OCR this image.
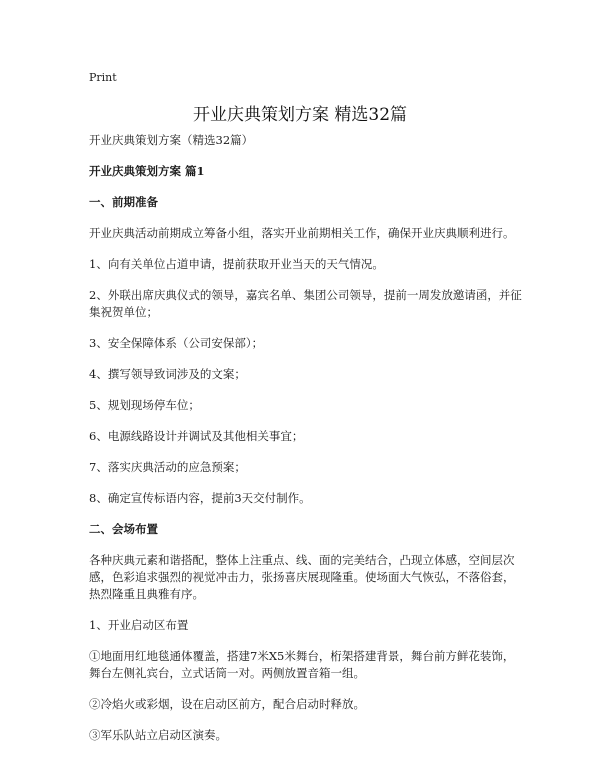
Print
开业庆典策划方案 精选32篇

开业庆典策划方案（精选32篇）

开业庆典策划方案 篇1

一、前期准备

开业庆典活动前期成立筹备小组，落实开业前期相关工作，确保开业庆典顺利进行。

1、向有关单位占道申请，提前获取开业当天的天气情况。

2、外联出席庆典仪式的领导，嘉宾名单、集团公司领导，提前一周发放邀请函，并征集祝贺单位；

3、安全保障体系（公司安保部）；

4、撰写领导致词涉及的文案；

5、规划现场停车位；

6、电源线路设计并调试及其他相关事宜；

7、落实庆典活动的应急预案；

8、确定宣传标语内容，提前3天交付制作。

二、会场布置

各种庆典元素和谐搭配，整体上注重点、线、面的完美结合，凸现立体感，空间层次感，色彩追求强烈的视觉冲击力，张扬喜庆展现隆重。使场面大气恢弘，不落俗套，热烈隆重且典雅有序。

1、开业启动区布置

①地面用红地毯通体覆盖，搭建7米X5米舞台，桁架搭建背景，舞台前方鲜花装饰，舞台左侧礼宾台，立式话筒一对。两侧放置音箱一组。

②冷焰火或彩烟，设在启动区前方，配合启动时释放。

③军乐队站立启动区演奏。
